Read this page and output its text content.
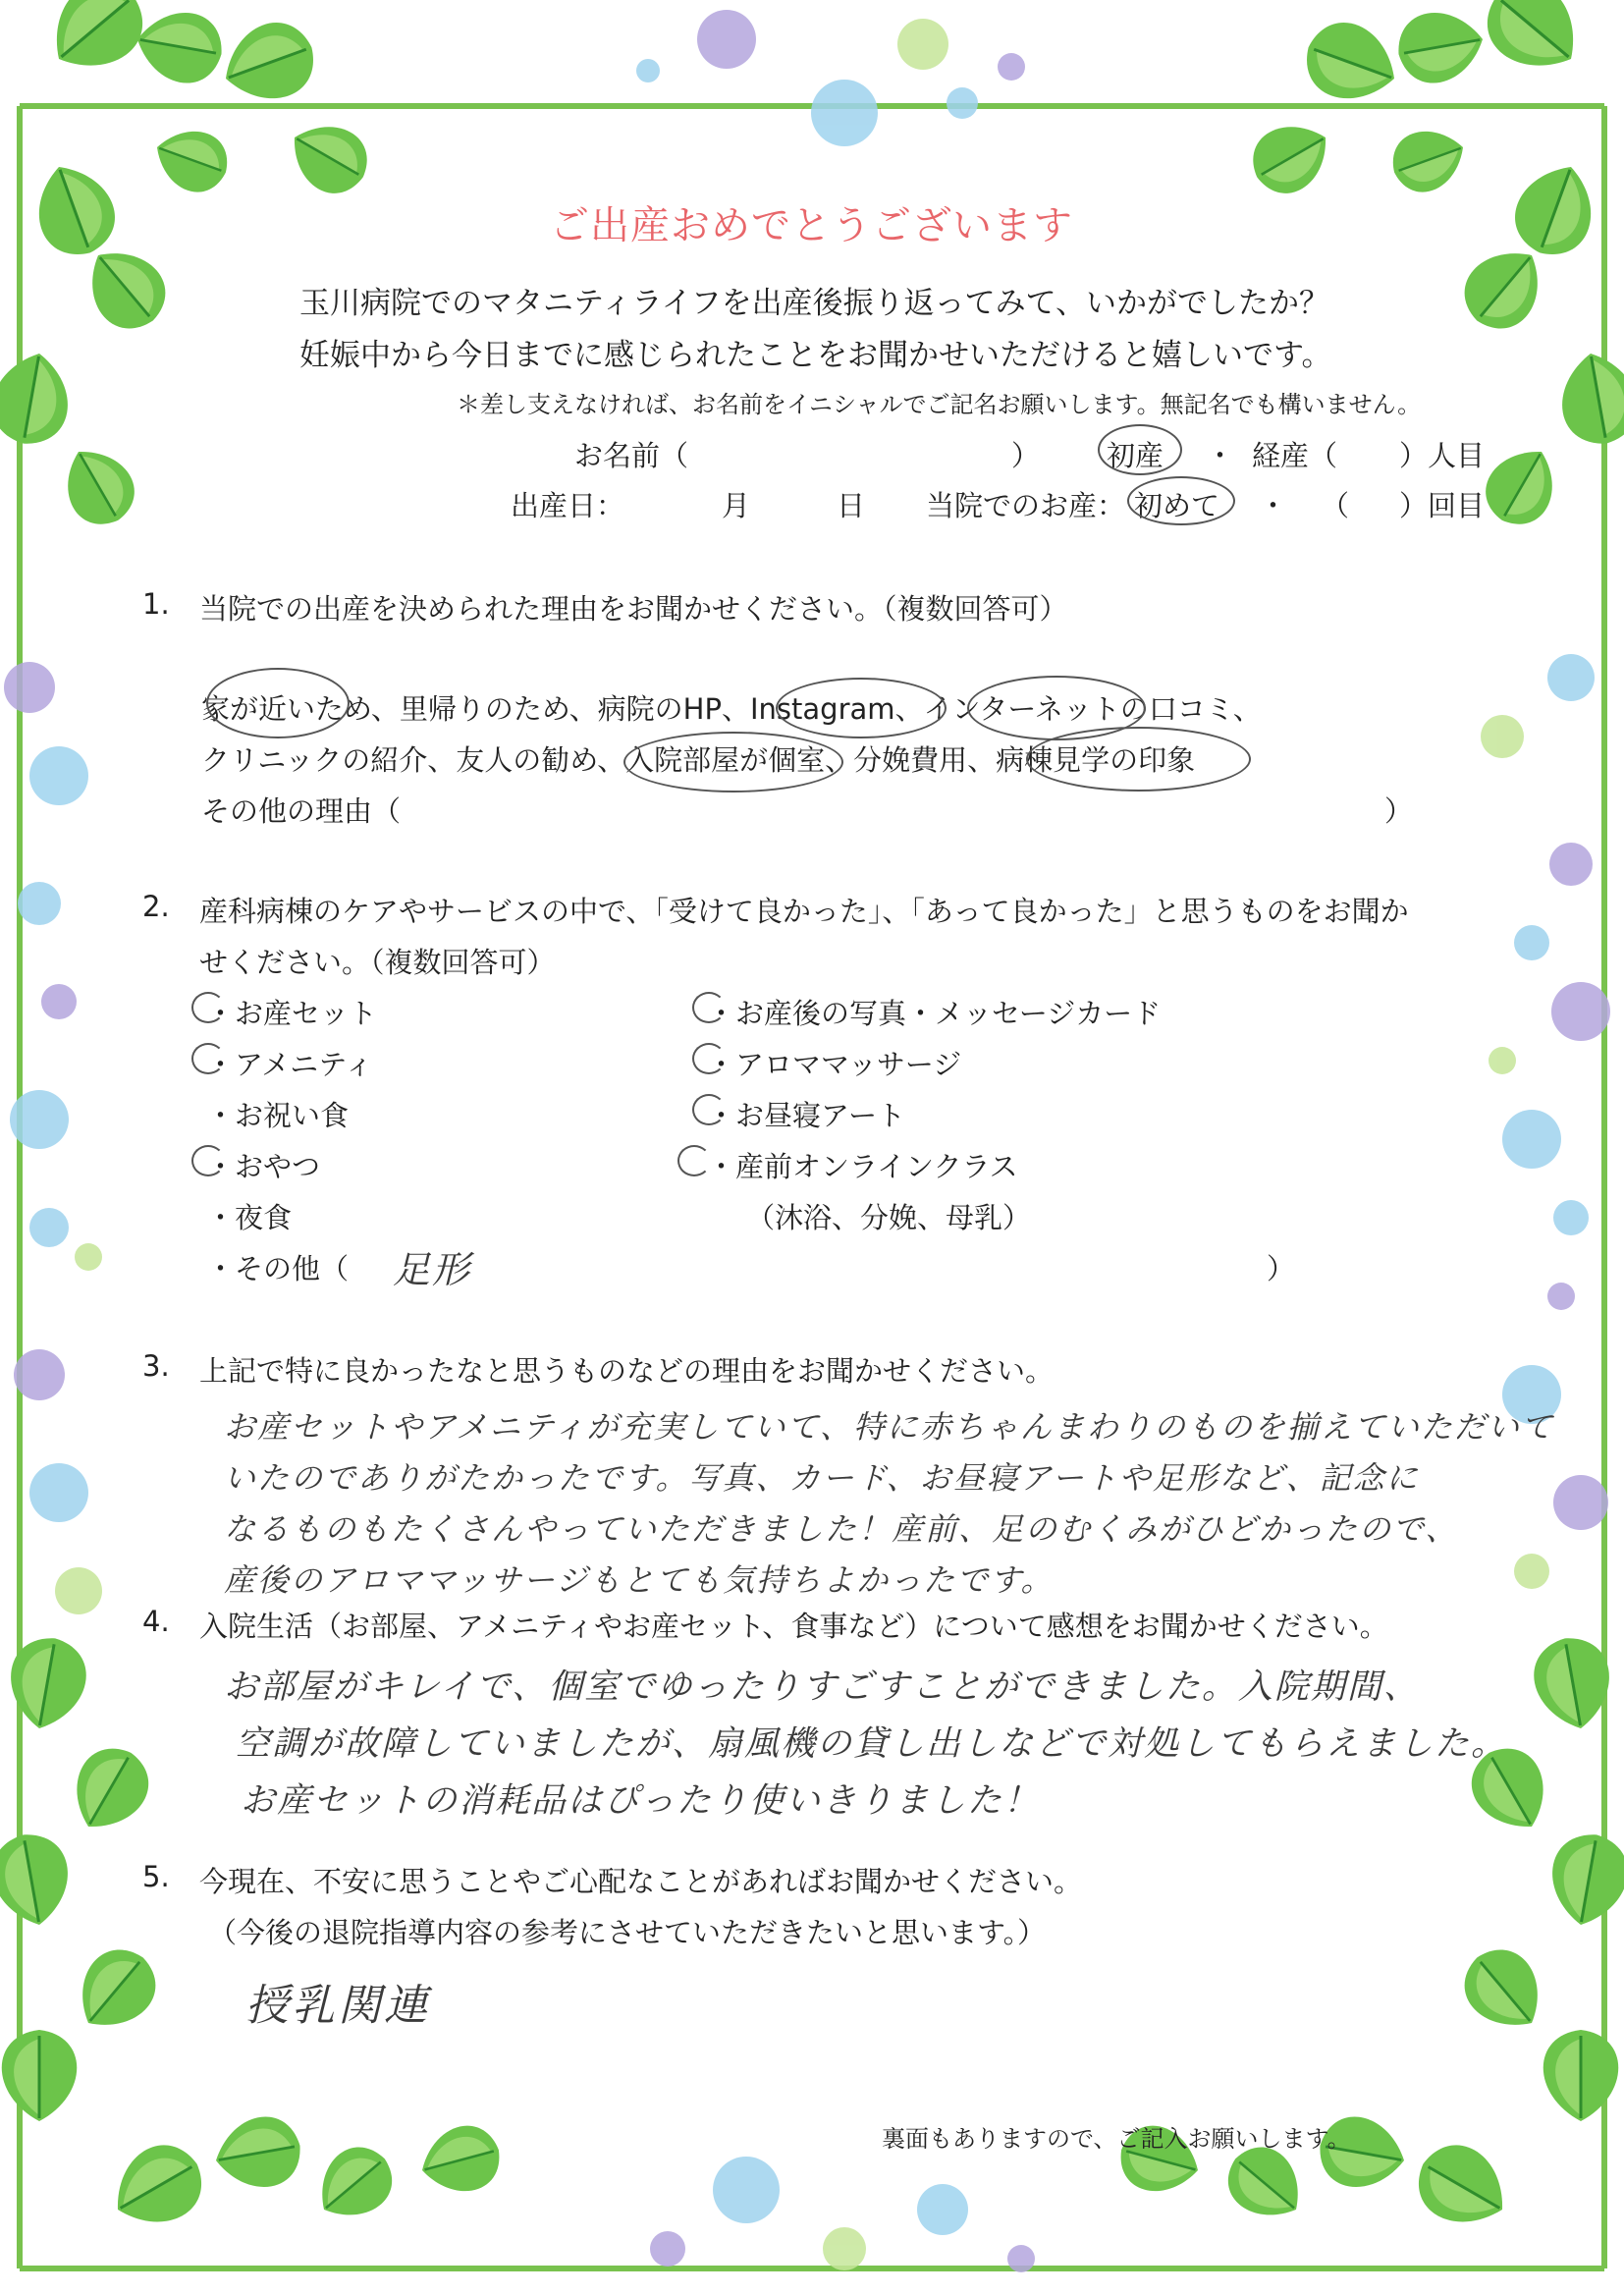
ご出産おめでとうございます
玉川病院でのマタニティライフを出産後振り返ってみて、いかがでしたか？
妊娠中から今日までに感じられたことをお聞かせいただけると嬉しいです。
＊差し支えなければ、お名前をイニシャルでご記名お願いします。無記名でも構いません。
お名前（	） 初産 ・ 経産（ ）人目
出産日：	月	日 当院でのお産： 初めて ・ （ ）回目
1. 当院での出産を決められた理由をお聞かせください。（複数回答可）
家が近いため、里帰りのため、病院のHP、Instagram、インターネットの口コミ、
クリニックの紹介、友人の勧め、入院部屋が個室、分娩費用、病棟見学の印象
その他の理由（	）
2. 産科病棟のケアやサービスの中で、「受けて良かった」、「あって良かった」と思うものをお聞か
せください。（複数回答可）
・お産セット
・アメニティ
・お祝い食
・おやつ
・夜食
・その他（ 足形	）
・お産後の写真・メッセージカード
・アロママッサージ
・お昼寝アート
・産前オンラインクラス
（沐浴、分娩、母乳）
3. 上記で特に良かったなと思うものなどの理由をお聞かせください。
お産セットやアメニティが充実していて、特に赤ちゃんまわりのものを揃えていただいて
いたのでありがたかったです。写真、カード、お昼寝アートや足形など、記念に
なるものもたくさんやっていただきました！産前、足のむくみがひどかったので、
産後のアロママッサージもとても気持ちよかったです。
4. 入院生活（お部屋、アメニティやお産セット、食事など）について感想をお聞かせください。
お部屋がキレイで、個室でゆったりすごすことができました。入院期間、
空調が故障していましたが、扇風機の貸し出しなどで対処してもらえました。
お産セットの消耗品はぴったり使いきりました！
5. 今現在、不安に思うことやご心配なことがあればお聞かせください。
（今後の退院指導内容の参考にさせていただきたいと思います。）
授乳関連
裏面もありますので、ご記入お願いします。
